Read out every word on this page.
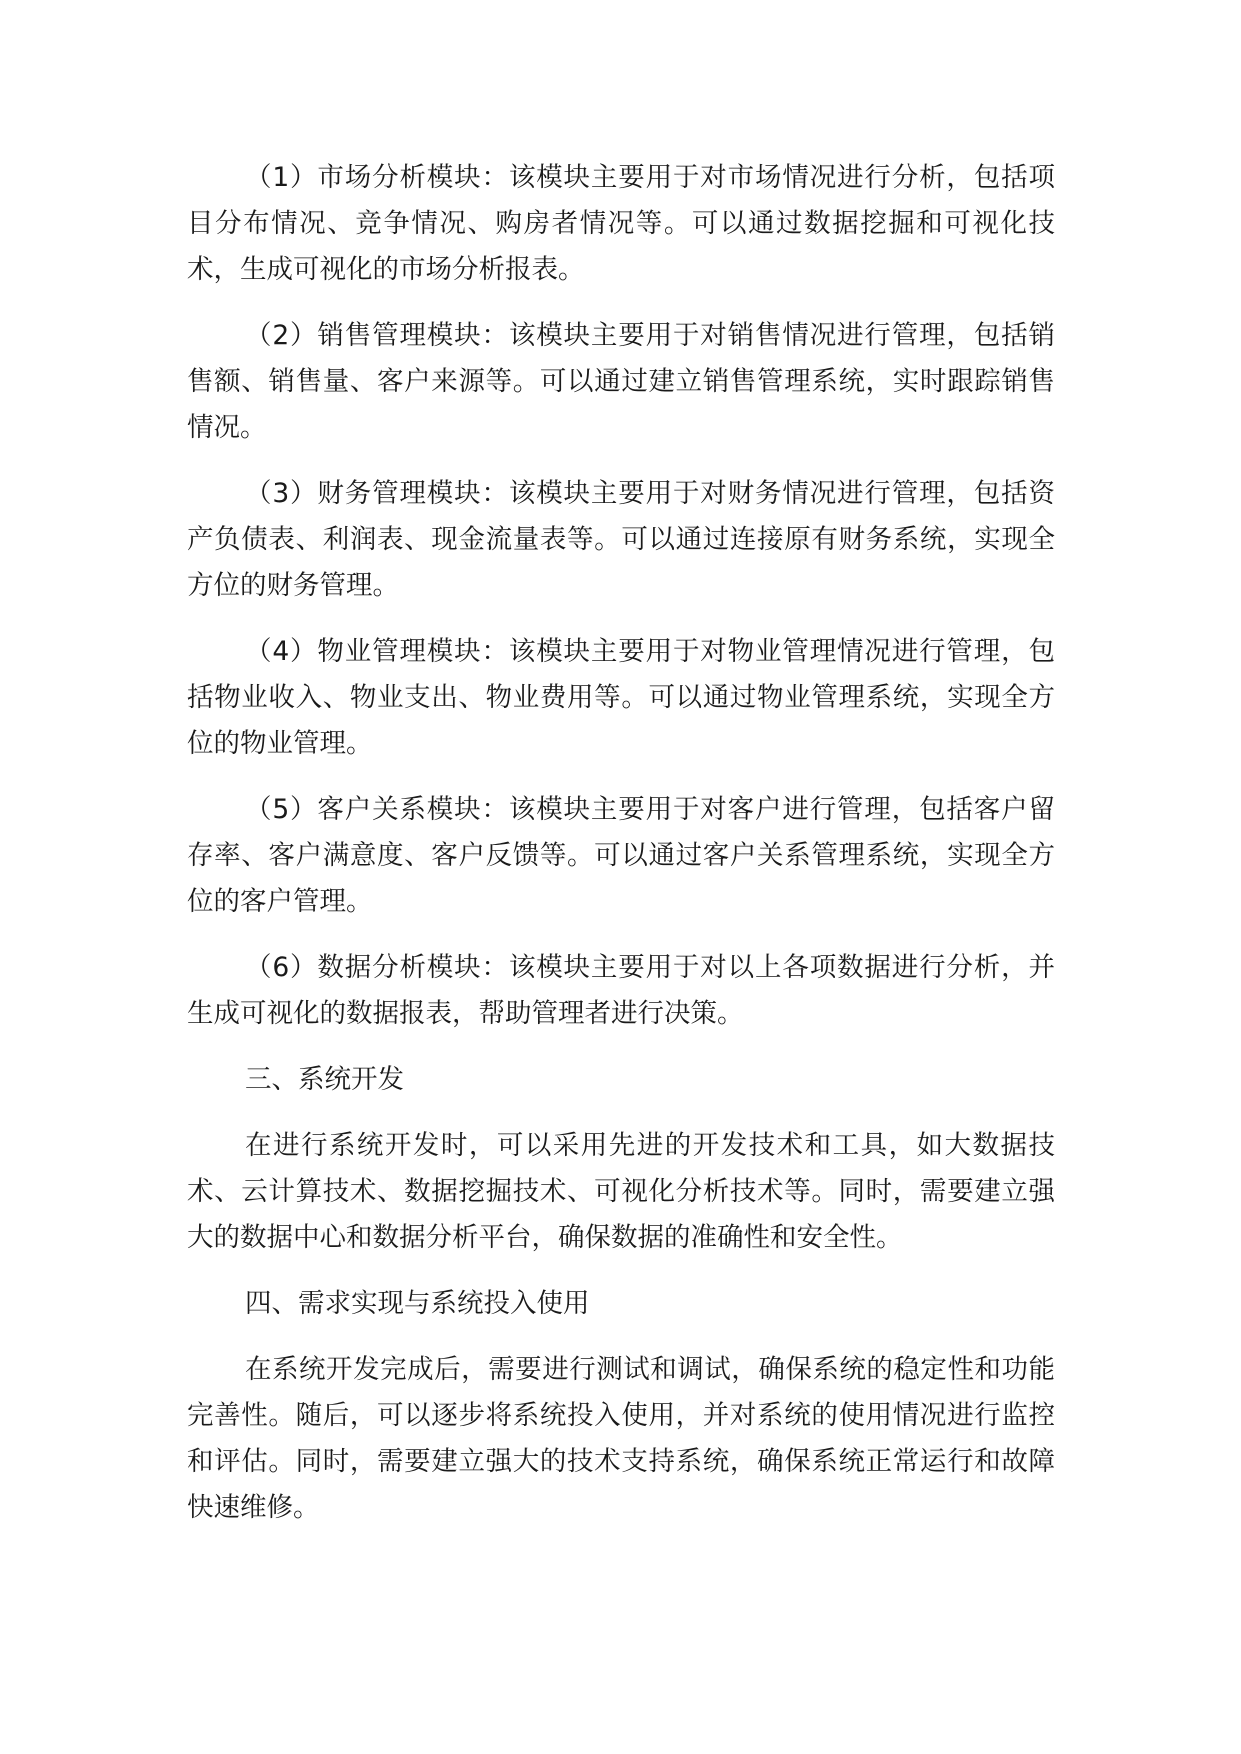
（1）市场分析模块：该模块主要用于对市场情况进行分析，包括项目分布情况、竞争情况、购房者情况等。可以通过数据挖掘和可视化技术，生成可视化的市场分析报表。

（2）销售管理模块：该模块主要用于对销售情况进行管理，包括销售额、销售量、客户来源等。可以通过建立销售管理系统，实时跟踪销售情况。

（3）财务管理模块：该模块主要用于对财务情况进行管理，包括资产负债表、利润表、现金流量表等。可以通过连接原有财务系统，实现全方位的财务管理。

（4）物业管理模块：该模块主要用于对物业管理情况进行管理，包括物业收入、物业支出、物业费用等。可以通过物业管理系统，实现全方位的物业管理。

（5）客户关系模块：该模块主要用于对客户进行管理，包括客户留存率、客户满意度、客户反馈等。可以通过客户关系管理系统，实现全方位的客户管理。

（6）数据分析模块：该模块主要用于对以上各项数据进行分析，并生成可视化的数据报表，帮助管理者进行决策。

三、系统开发

在进行系统开发时，可以采用先进的开发技术和工具，如大数据技术、云计算技术、数据挖掘技术、可视化分析技术等。同时，需要建立强大的数据中心和数据分析平台，确保数据的准确性和安全性。

四、需求实现与系统投入使用

在系统开发完成后，需要进行测试和调试，确保系统的稳定性和功能完善性。随后，可以逐步将系统投入使用，并对系统的使用情况进行监控和评估。同时，需要建立强大的技术支持系统，确保系统正常运行和故障快速维修。
